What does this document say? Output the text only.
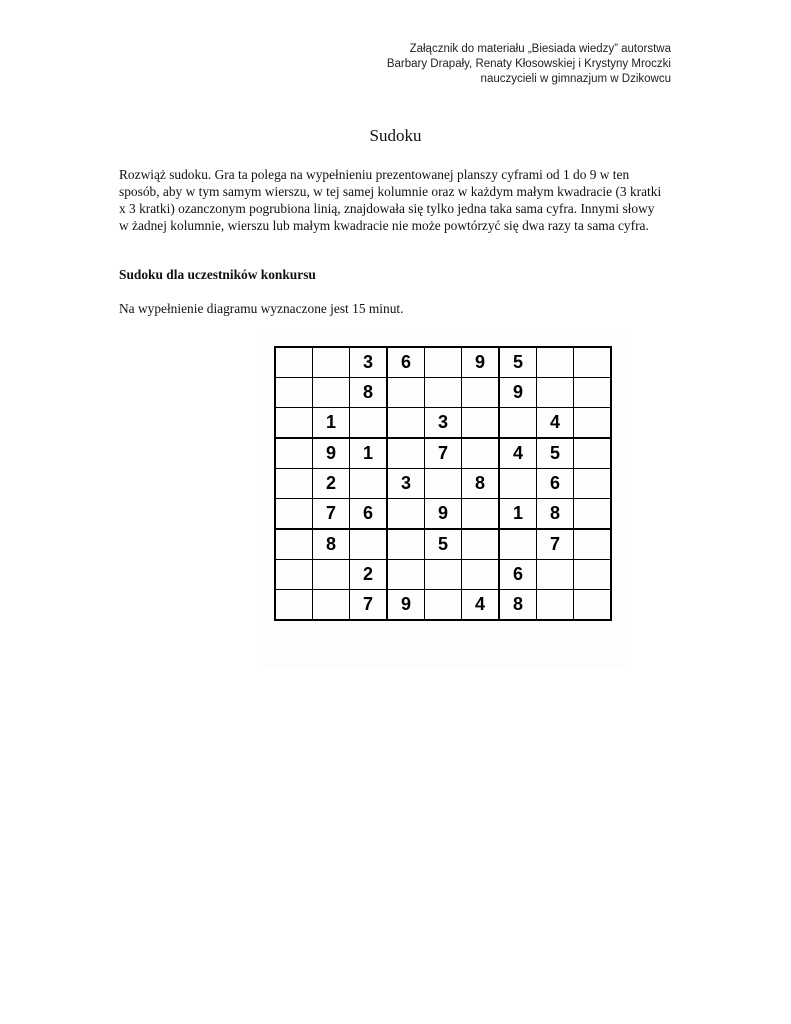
Załącznik do materiału „Biesiada wiedzy” autorstwa
Barbary Drapały, Renaty Kłosowskiej i Krystyny Mroczki
nauczycieli w gimnazjum w Dzikowcu
Sudoku

Rozwiąż sudoku. Gra ta polega na wypełnieniu prezentowanej planszy cyframi od 1 do 9 w ten sposób, aby w tym samym wierszu, w tej samej kolumnie oraz w każdym małym kwadracie (3 kratki x 3 kratki) ozanczonym pogrubiona linią, znajdowała się tylko jedna taka sama cyfra. Innymi słowy w żadnej kolumnie, wierszu lub małym kwadracie nie może powtórzyć się dwa razy ta sama cyfra.

Sudoku dla uczestników konkursu

Na wypełnienie diagramu wyznaczone jest 15 minut.

		3	6		9	5		
		8				9		
	1			3			4	
	9	1		7		4	5	
	2		3		8		6	
	7	6		9		1	8	
	8			5			7	
		2				6		
		7	9		4	8		
